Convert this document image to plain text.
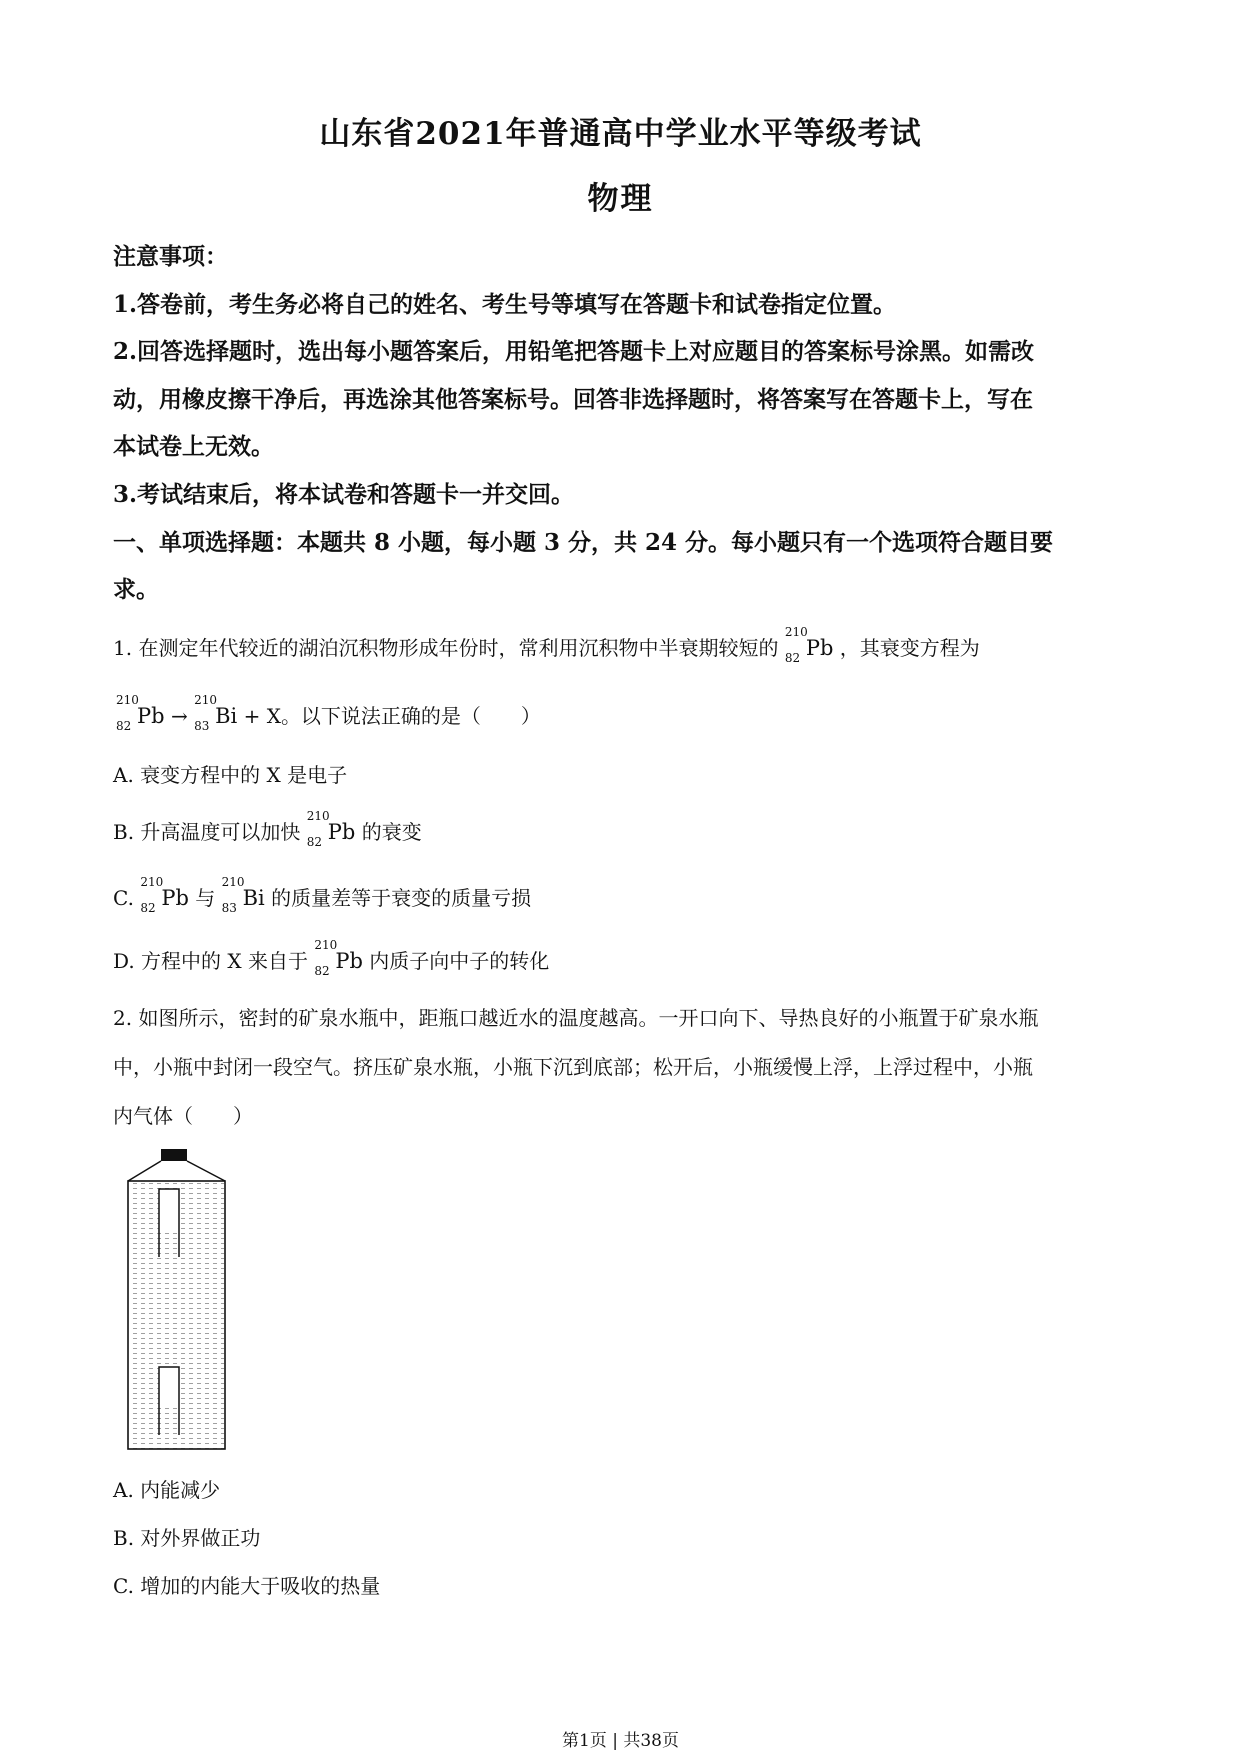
山东省2021年普通高中学业水平等级考试
物理
注意事项：
1.答卷前，考生务必将自己的姓名、考生号等填写在答题卡和试卷指定位置。
2.回答选择题时，选出每小题答案后，用铅笔把答题卡上对应题目的答案标号涂黑。如需改
动，用橡皮擦干净后，再选涂其他答案标号。回答非选择题时，将答案写在答题卡上，写在
本试卷上无效。
3.考试结束后，将本试卷和答题卡一并交回。
一、单项选择题：本题共 8 小题，每小题 3 分，共 24 分。每小题只有一个选项符合题目要
求。
1. 在测定年代较近的湖泊沉积物形成年份时，常利用沉积物中半衰期较短的
210
82 Pb ，其衰变方程为
210
82 Pb →
210
83 Bi + X。以下说法正确的是（　　）
A. 衰变方程中的 X 是电子
B. 升高温度可以加快
210
82 Pb 的衰变
C.
210
82 Pb 与
210
83 Bi 的质量差等于衰变的质量亏损
D. 方程中的 X 来自于
210
82 Pb 内质子向中子的转化
2. 如图所示，密封的矿泉水瓶中，距瓶口越近水的温度越高。一开口向下、导热良好的小瓶置于矿泉水瓶
中，小瓶中封闭一段空气。挤压矿泉水瓶，小瓶下沉到底部；松开后，小瓶缓慢上浮，上浮过程中，小瓶
内气体（　　）
A. 内能减少
B. 对外界做正功
C. 增加的内能大于吸收的热量
第1页 | 共38页
